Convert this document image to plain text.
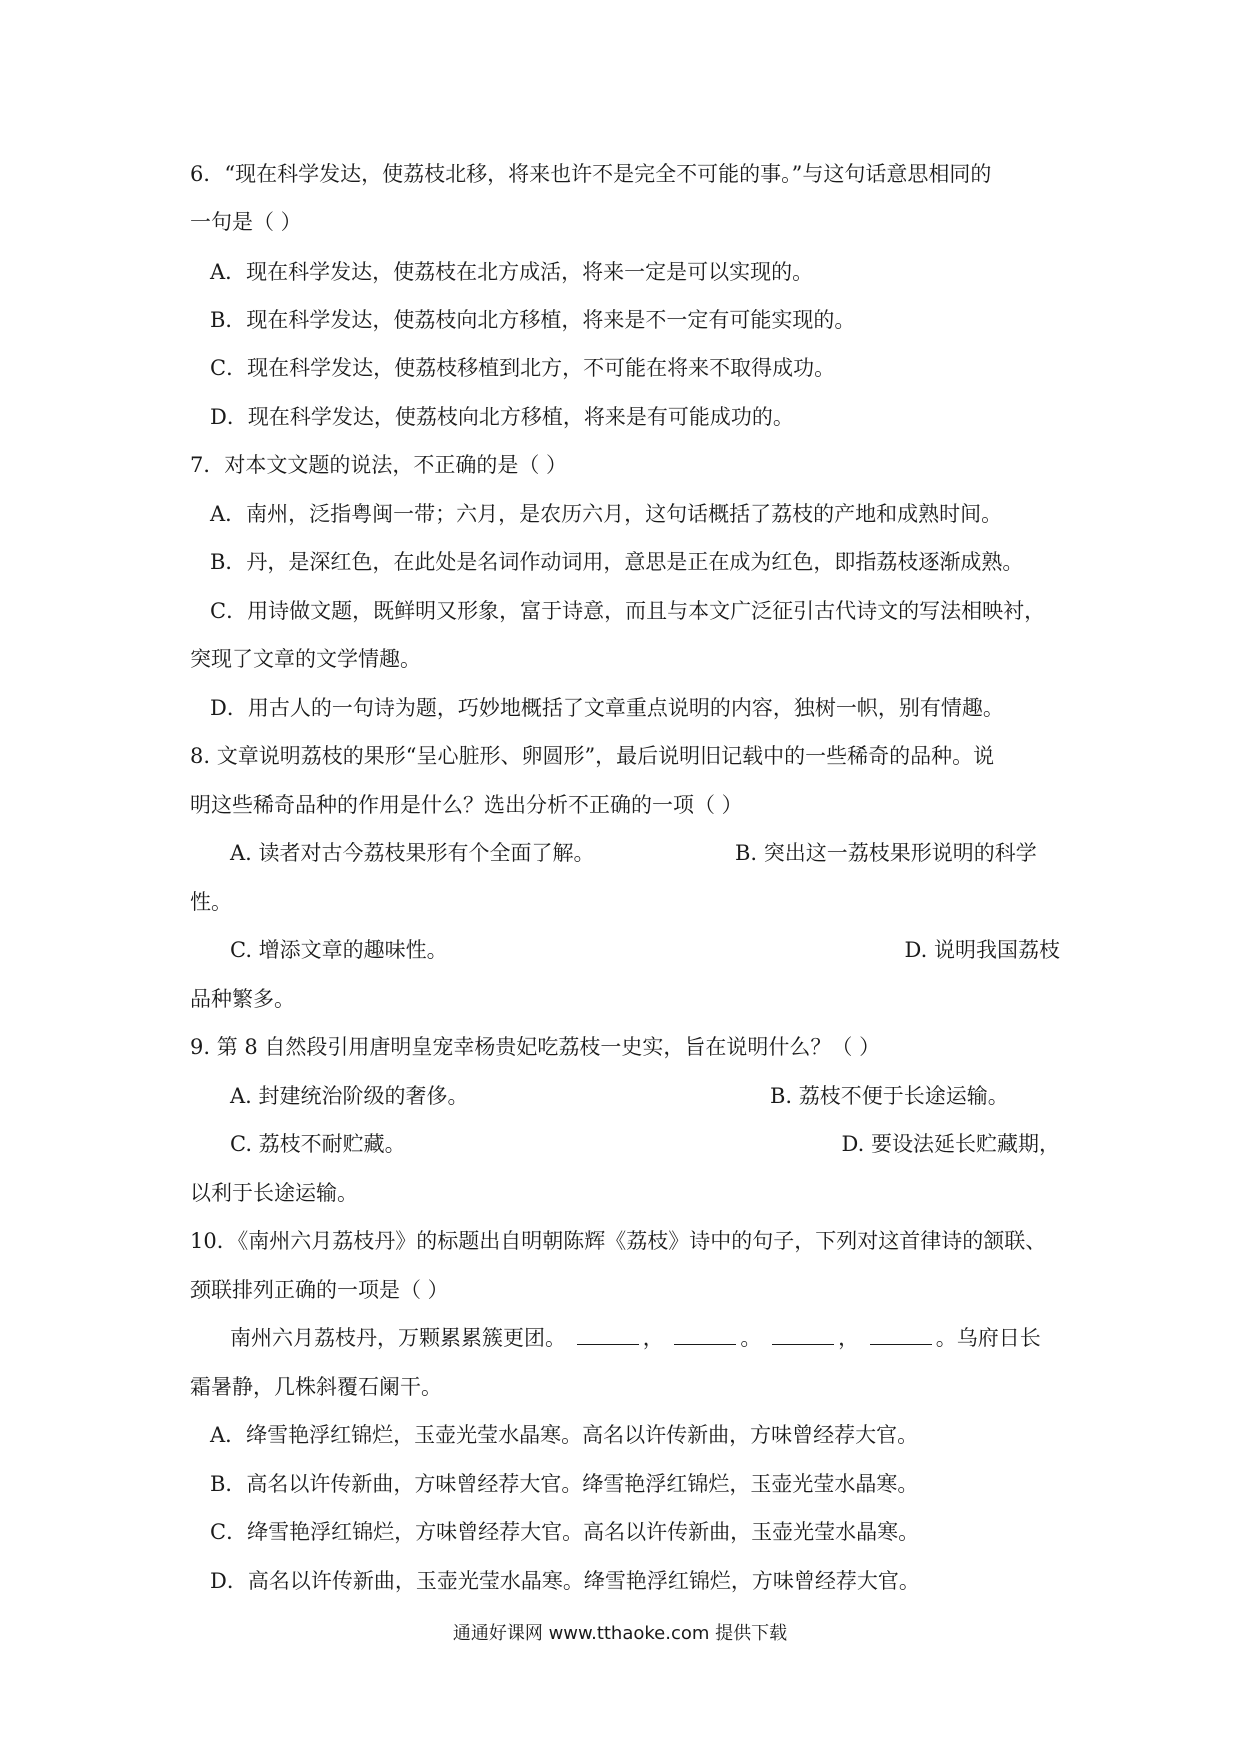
6．“现在科学发达，使荔枝北移，将来也许不是完全不可能的事。”与这句话意思相同的
一句是（ ）
A．现在科学发达，使荔枝在北方成活，将来一定是可以实现的。
B．现在科学发达，使荔枝向北方移植，将来是不一定有可能实现的。
C．现在科学发达，使荔枝移植到北方，不可能在将来不取得成功。
D．现在科学发达，使荔枝向北方移植，将来是有可能成功的。
7．对本文文题的说法，不正确的是（ ）
A．南州，泛指粤闽一带；六月，是农历六月，这句话概括了荔枝的产地和成熟时间。
B．丹，是深红色，在此处是名词作动词用，意思是正在成为红色，即指荔枝逐渐成熟。
C．用诗做文题，既鲜明又形象，富于诗意，而且与本文广泛征引古代诗文的写法相映衬，
突现了文章的文学情趣。
D．用古人的一句诗为题，巧妙地概括了文章重点说明的内容，独树一帜，别有情趣。
8. 文章说明荔枝的果形“呈心脏形、卵圆形”，最后说明旧记载中的一些稀奇的品种。说
明这些稀奇品种的作用是什么？选出分析不正确的一项（ ）
A. 读者对古今荔枝果形有个全面了解。	B. 突出这一荔枝果形说明的科学
性。
C. 增添文章的趣味性。	D. 说明我国荔枝
品种繁多。
9. 第 8 自然段引用唐明皇宠幸杨贵妃吃荔枝一史实，旨在说明什么？（ ）
A. 封建统治阶级的奢侈。	B. 荔枝不便于长途运输。
C. 荔枝不耐贮藏。	D. 要设法延长贮藏期，
以利于长途运输。
10．《南州六月荔枝丹》的标题出自明朝陈辉《荔枝》诗中的句子，下列对这首律诗的颔联、
颈联排列正确的一项是（ ）
南州六月荔枝丹，万颗累累簇更团。	，	。	，	。乌府日长
霜暑静，几株斜覆石阑干。
A．绛雪艳浮红锦烂，玉壶光莹水晶寒。高名以许传新曲，方味曾经荐大官。
B．高名以许传新曲，方味曾经荐大官。绛雪艳浮红锦烂，玉壶光莹水晶寒。
C．绛雪艳浮红锦烂，方味曾经荐大官。高名以许传新曲，玉壶光莹水晶寒。
D．高名以许传新曲，玉壶光莹水晶寒。绛雪艳浮红锦烂，方味曾经荐大官。
通通好课网 www.tthaoke.com 提供下载
